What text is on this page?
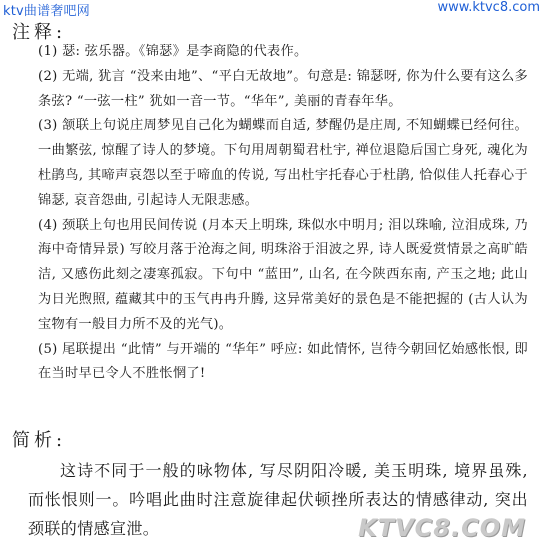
ktv曲谱奢吧网	www.ktvc8.com
注释:

(1) 瑟: 弦乐器。《锦瑟》是李商隐的代表作。

(2) 无端, 犹言 “没来由地”、“平白无故地”。句意是: 锦瑟呀, 你为什么要有这么多条弦? “一弦一柱” 犹如一音一节。“华年”, 美丽的青春年华。

(3) 颔联上句说庄周梦见自己化为蝴蝶而自适, 梦醒仍是庄周, 不知蝴蝶已经何往。一曲繁弦, 惊醒了诗人的梦境。下句用周朝蜀君杜宇, 禅位退隐后国亡身死, 魂化为杜鹃鸟, 其啼声哀怨以至于啼血的传说, 写出杜宇托春心于杜鹃, 恰似佳人托春心于锦瑟, 哀音怨曲, 引起诗人无限悲感。

(4) 颈联上句也用民间传说 (月本天上明珠, 珠似水中明月; 泪以珠喻, 泣泪成珠, 乃海中奇情异景) 写皎月落于沧海之间, 明珠浴于泪波之界, 诗人既爱赏情景之高旷皓洁, 又感伤此刻之凄寒孤寂。下句中 “蓝田”, 山名, 在今陕西东南, 产玉之地; 此山为日光煦照, 蕴藏其中的玉气冉冉升腾, 这异常美好的景色是不能把握的 (古人认为宝物有一般目力所不及的光气)。

(5) 尾联提出 “此情” 与开端的 “华年” 呼应: 如此情怀, 岂待今朝回忆始感怅恨, 即在当时早已令人不胜怅惘了!

简析:

这诗不同于一般的咏物体, 写尽阴阳冷暖, 美玉明珠, 境界虽殊, 而怅恨则一。吟唱此曲时注意旋律起伏顿挫所表达的情感律动, 突出颈联的情感宣泄。	KTVC8.COM
